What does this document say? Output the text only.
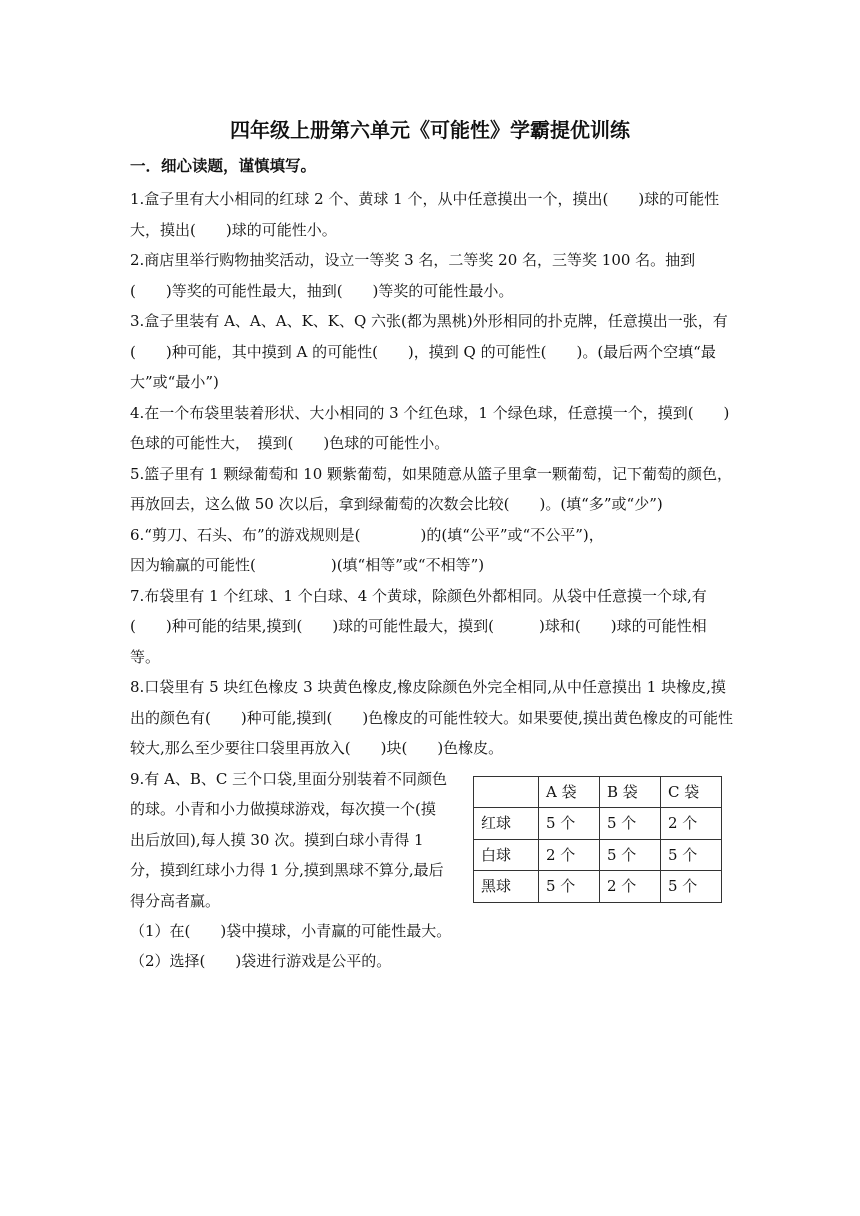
四年级上册第六单元《可能性》学霸提优训练
一．细心读题，谨慎填写。

1.盒子里有大小相同的红球 2 个、黄球 1 个，从中任意摸出一个，摸出(　　)球的可能性大，摸出(　　)球的可能性小。

2.商店里举行购物抽奖活动，设立一等奖 3 名，二等奖 20 名，三等奖 100 名。抽到(　　)等奖的可能性最大，抽到(　　)等奖的可能性最小。

3.盒子里装有 A、A、A、K、K、Q 六张(都为黑桃)外形相同的扑克牌，任意摸出一张，有(　　)种可能，其中摸到 A 的可能性(　　)，摸到 Q 的可能性(　　)。(最后两个空填“最大”或“最小”)

4.在一个布袋里装着形状、大小相同的 3 个红色球，1 个绿色球，任意摸一个，摸到(　　)色球的可能性大，　摸到(　　)色球的可能性小。

5.篮子里有 1 颗绿葡萄和 10 颗紫葡萄，如果随意从篮子里拿一颗葡萄，记下葡萄的颜色，再放回去，这么做 50 次以后，拿到绿葡萄的次数会比较(　　)。(填“多”或“少”)

6.“剪刀、石头、布”的游戏规则是(　　　　)的(填“公平”或“不公平”)，

因为输赢的可能性(　　　　　)(填“相等”或“不相等”)

7.布袋里有 1 个红球、1 个白球、4 个黄球，除颜色外都相同。从袋中任意摸一个球,有(　　)种可能的结果,摸到(　　)球的可能性最大，摸到(　　　)球和(　　)球的可能性相等。

8.口袋里有 5 块红色橡皮 3 块黄色橡皮,橡皮除颜色外完全相同,从中任意摸出 1 块橡皮,摸出的颜色有(　　)种可能,摸到(　　)色橡皮的可能性较大。如果要使,摸出黄色橡皮的可能性较大,那么至少要往口袋里再放入(　　)块(　　)色橡皮。

9.有 A、B、C 三个口袋,里面分别装着不同颜色的球。小青和小力做摸球游戏，每次摸一个(摸出后放回),每人摸 30 次。摸到白球小青得 1 分，摸到红球小力得 1 分,摸到黑球不算分,最后得分高者赢。

	A 袋	B 袋	C 袋
红球	5 个	5 个	2 个
白球	2 个	5 个	5 个
黑球	5 个	2 个	5 个

（1）在(　　)袋中摸球，小青赢的可能性最大。

（2）选择(　　)袋进行游戏是公平的。
